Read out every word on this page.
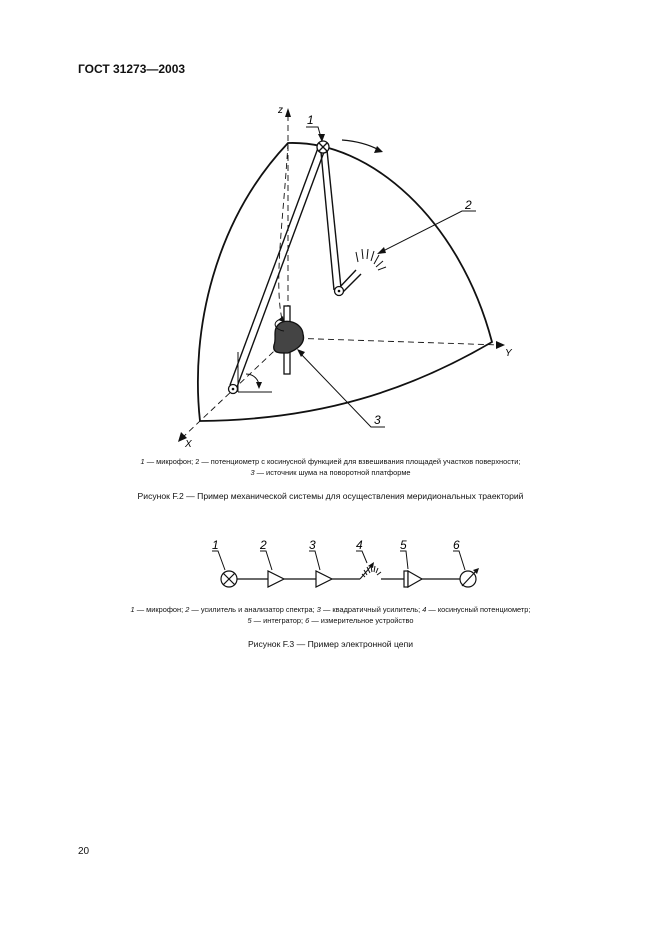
ГОСТ 31273—2003
z
Y
X
1
2
3
1 — микрофон; 2 — потенциометр с косинусной функцией для взвешивания площадей участков поверхности;
3 — источник шума на поворотной платформе
Рисунок F.2 — Пример механической системы для осуществления меридиональных траекторий
1	2	3	4	5	6
1 — микрофон; 2 — усилитель и анализатор спектра; 3 — квадратичный усилитель; 4 — косинусный потенциометр;
5 — интегратор; 6 — измерительное устройство
Рисунок F.3 — Пример электронной цепи
20
